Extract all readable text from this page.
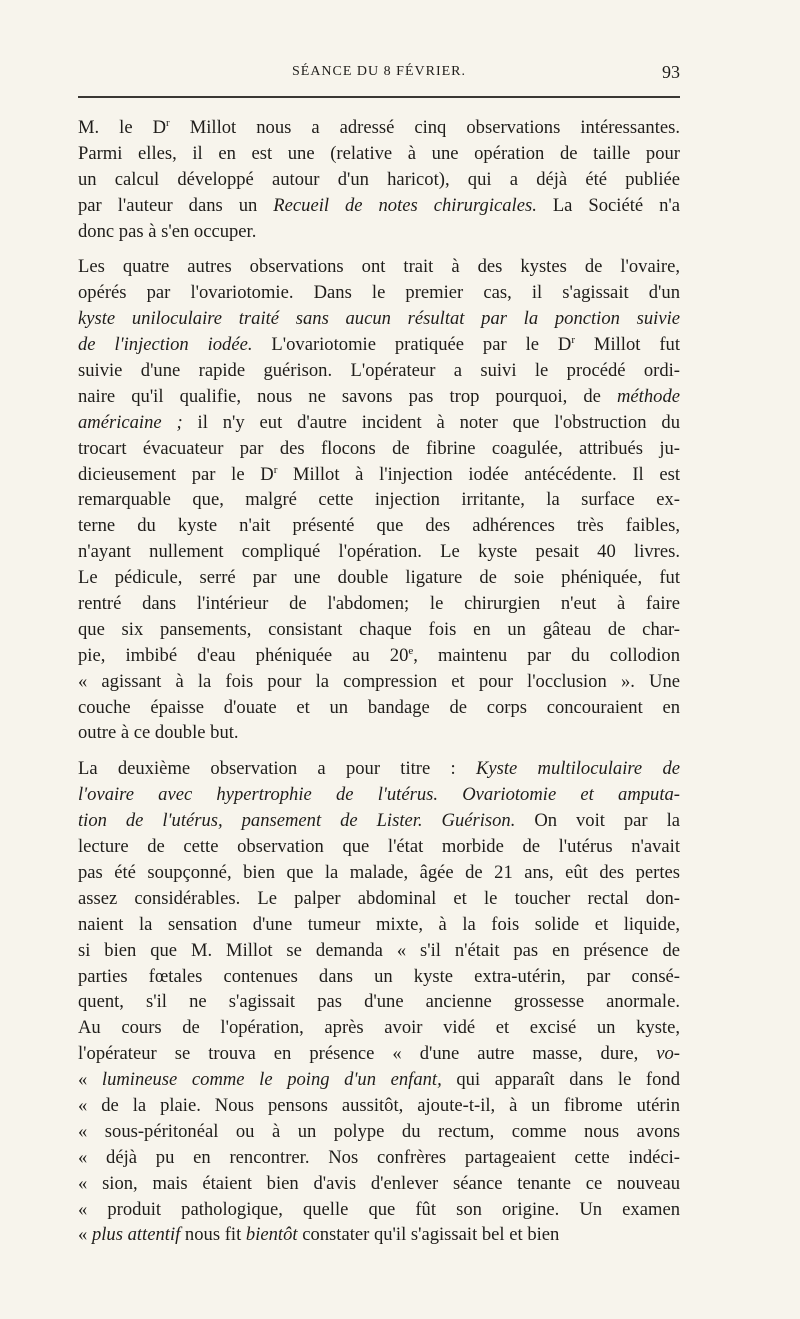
SÉANCE DU 8 FÉVRIER.	93
M. le $D^r$ Millot nous a adressé cinq observations intéressantes.
Parmi elles, il en est une (relative à une opération de taille pour
un calcul développé autour d'un haricot), qui a déjà été publiée
par l'auteur dans un Recueil de notes chirurgicales. La Société n'a
donc pas à s'en occuper.
Les quatre autres observations ont trait à des kystes de l'ovaire,
opérés par l'ovariotomie. Dans le premier cas, il s'agissait d'un
kyste uniloculaire traité sans aucun résultat par la ponction suivie
de l'injection iodée. L'ovariotomie pratiquée par le $D^r$ Millot fut
suivie d'une rapide guérison. L'opérateur a suivi le procédé ordi-
naire qu'il qualifie, nous ne savons pas trop pourquoi, de méthode
américaine ; il n'y eut d'autre incident à noter que l'obstruction du
trocart évacuateur par des flocons de fibrine coagulée, attribués ju-
dicieusement par le $D^r$ Millot à l'injection iodée antécédente. Il est
remarquable que, malgré cette injection irritante, la surface ex-
terne du kyste n'ait présenté que des adhérences très faibles,
n'ayant nullement compliqué l'opération. Le kyste pesait 40 livres.
Le pédicule, serré par une double ligature de soie phéniquée, fut
rentré dans l'intérieur de l'abdomen; le chirurgien n'eut à faire
que six pansements, consistant chaque fois en un gâteau de char-
pie, imbibé d'eau phéniquée au 20e, maintenu par du collodion
« agissant à la fois pour la compression et pour l'occlusion ». Une
couche épaisse d'ouate et un bandage de corps concouraient en
outre à ce double but.
La deuxième observation a pour titre : Kyste multiloculaire de
l'ovaire avec hypertrophie de l'utérus. Ovariotomie et amputa-
tion de l'utérus, pansement de Lister. Guérison. On voit par la
lecture de cette observation que l'état morbide de l'utérus n'avait
pas été soupçonné, bien que la malade, âgée de 21 ans, eût des pertes
assez considérables. Le palper abdominal et le toucher rectal don-
naient la sensation d'une tumeur mixte, à la fois solide et liquide,
si bien que M. Millot se demanda « s'il n'était pas en présence de
parties fœtales contenues dans un kyste extra-utérin, par consé-
quent, s'il ne s'agissait pas d'une ancienne grossesse anormale.
Au cours de l'opération, après avoir vidé et excisé un kyste,
l'opérateur se trouva en présence « d'une autre masse, dure, vo-
« lumineuse comme le poing d'un enfant, qui apparaît dans le fond
« de la plaie. Nous pensons aussitôt, ajoute-t-il, à un fibrome utérin
« sous-péritonéal ou à un polype du rectum, comme nous avons
« déjà pu en rencontrer. Nos confrères partageaient cette indéci-
« sion, mais étaient bien d'avis d'enlever séance tenante ce nouveau
« produit pathologique, quelle que fût son origine. Un examen
« plus attentif nous fit bientôt constater qu'il s'agissait bel et bien
